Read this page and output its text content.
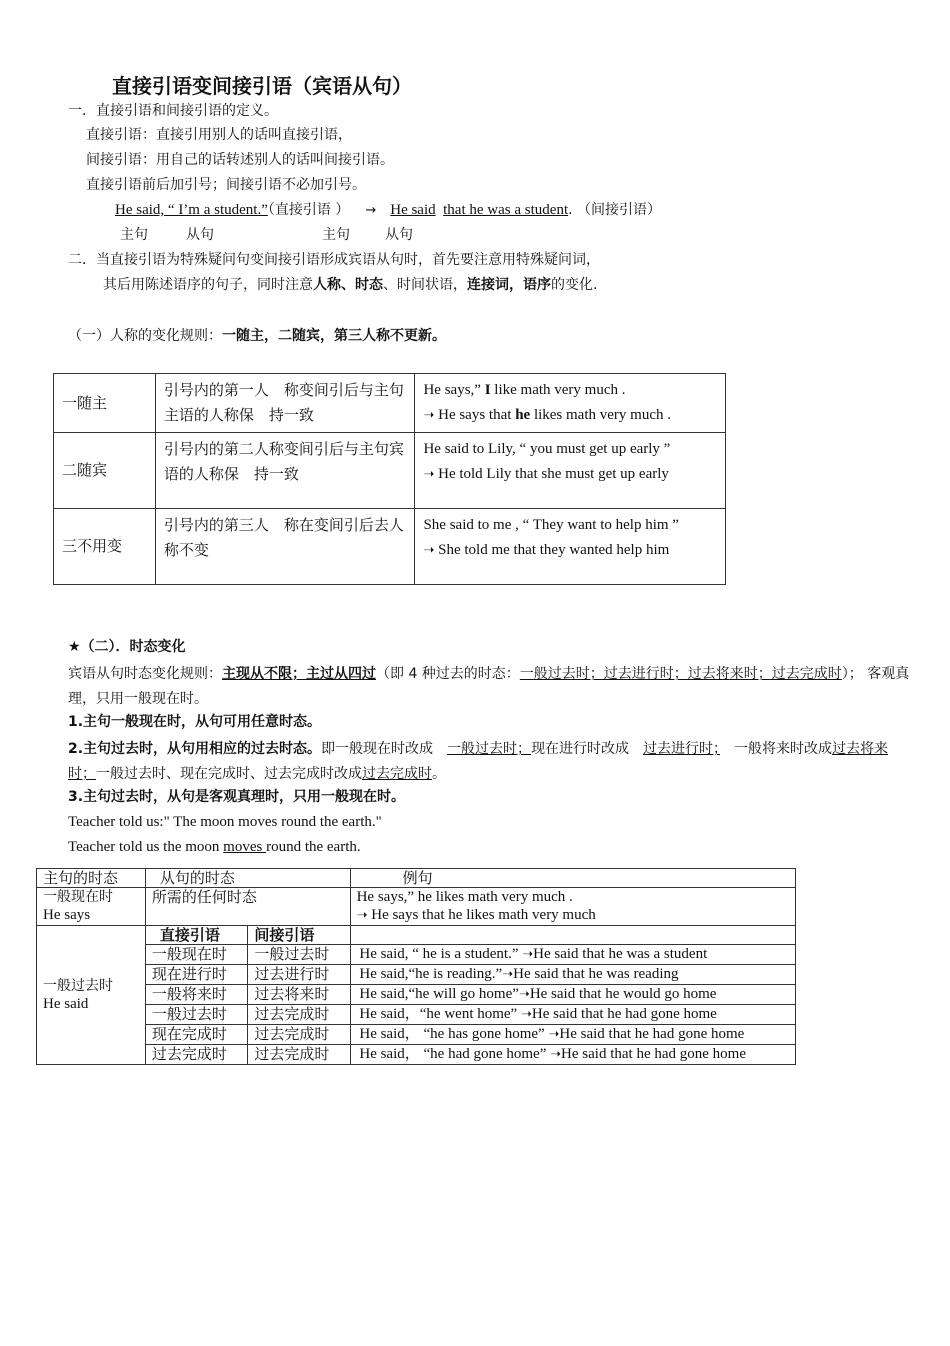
直接引语变间接引语（宾语从句）
一．直接引语和间接引语的定义。
直接引语：直接引用别人的话叫直接引语，
间接引语：用自己的话转述别人的话叫间接引语。
直接引语前后加引号；间接引语不必加引号。
He said, “ I’m a student.”（直接引语 ） → He said that he was a student. （间接引语）
主句	从句	主句	从句
二．当直接引语为特殊疑问句变间接引语形成宾语从句时，首先要注意用特殊疑问词，
其后用陈述语序的句子，同时注意人称、时态、时间状语，连接词，语序的变化.
（一）人称的变化规则：一随主，二随宾，第三人称不更新。
一随主	引号内的第一人　称变间引后与主句主语的人称保　持一致	He says,” I like math very much .
➝ He says that he likes math very much .

二随宾	引号内的第二人称变间引后与主句宾语的人称保　持一致	He said to Lily, “ you must get up early ”
➝ He told Lily that she must get up early

三不用变	引号内的第三人　称在变间引后去人　称不变	She said to me , “ They want to help him ”
➝ She told me that they wanted help him
★（二）．时态变化
宾语从句时态变化规则：主现从不限；主过从四过（即 4 种过去的时态：一般过去时；过去进行时；过去将来时；过去完成时）； 客观真理，只用一般现在时。
1.主句一般现在时，从句可用任意时态。
2.主句过去时，从句用相应的过去时态。即一般现在时改成　一般过去时；现在进行时改成　过去进行时；　一般将来时改成过去将来时；一般过去时、现在完成时、过去完成时改成过去完成时。
3.主句过去时，从句是客观真理时，只用一般现在时。
Teacher told us:" The moon moves round the earth."
Teacher told us the moon moves round the earth.
主句的时态	从句的时态	例句

一般现在时
He says
	所需的任何时态	He says,” he likes math very much .
➝ He says that he likes math very much

一般过去时
He said

直接引语	间接引语	
一般现在时	一般过去时	He said, “ he is a student.” ➝He said that he was a student
现在进行时	过去进行时	He said,“he is reading.”➝He said that he was reading
一般将来时	过去将来时	He said,“he will go home”➝He said that he would go home
一般过去时	过去完成时	He said，“he went home” ➝He said that he had gone home
现在完成时	过去完成时	He said， “he has gone home” ➝He said that he had gone home
过去完成时	过去完成时	He said， “he had gone home” ➝He said that he had gone home
